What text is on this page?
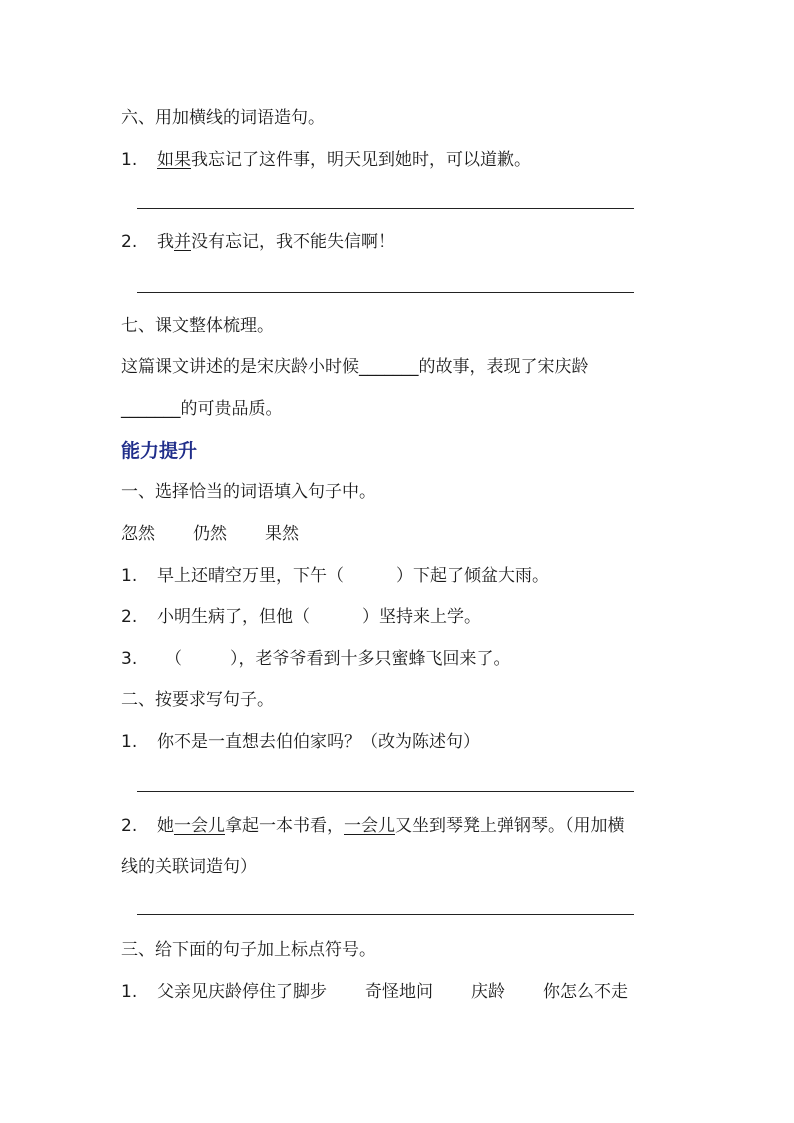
六、用加横线的词语造句。
1. 如果我忘记了这件事，明天见到她时，可以道歉。
2. 我并没有忘记，我不能失信啊！
七、课文整体梳理。
这篇课文讲述的是宋庆龄小时候_______的故事，表现了宋庆龄
_______的可贵品质。
能力提升
一、选择恰当的词语填入句子中。
忽然 仍然 果然
1. 早上还晴空万里，下午（	）下起了倾盆大雨。
2. 小明生病了，但他（	）坚持来上学。
3. （	），老爷爷看到十多只蜜蜂飞回来了。
二、按要求写句子。
1. 你不是一直想去伯伯家吗？（改为陈述句）
2. 她一会儿拿起一本书看，一会儿又坐到琴凳上弹钢琴。（用加横
线的关联词造句）
三、给下面的句子加上标点符号。
1. 父亲见庆龄停住了脚步 奇怪地问 庆龄 你怎么不走
